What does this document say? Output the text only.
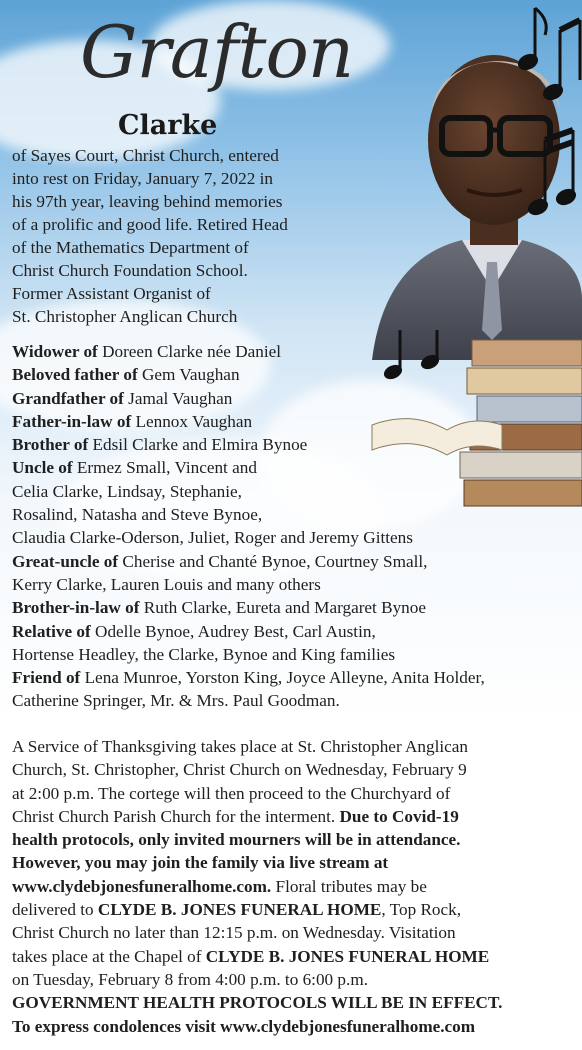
Grafton
Clarke
of Sayes Court, Christ Church, entered
into rest on Friday, January 7, 2022 in
his 97th year, leaving behind memories
of a prolific and good life. Retired Head
of the Mathematics Department of
Christ Church Foundation School.
Former Assistant Organist of
St. Christopher Anglican Church
Widower of Doreen Clarke née Daniel
Beloved father of Gem Vaughan
Grandfather of Jamal Vaughan
Father-in-law of Lennox Vaughan
Brother of Edsil Clarke and Elmira Bynoe
Uncle of Ermez Small, Vincent and
Celia Clarke, Lindsay, Stephanie,
Rosalind, Natasha and Steve Bynoe,
Claudia Clarke-Oderson, Juliet, Roger and Jeremy Gittens
Great-uncle of Cherise and Chanté Bynoe, Courtney Small,
Kerry Clarke, Lauren Louis and many others
Brother-in-law of Ruth Clarke, Eureta and Margaret Bynoe
Relative of Odelle Bynoe, Audrey Best, Carl Austin,
Hortense Headley, the Clarke, Bynoe and King families
Friend of Lena Munroe, Yorston King, Joyce Alleyne, Anita Holder,
Catherine Springer, Mr. & Mrs. Paul Goodman.
A Service of Thanksgiving takes place at St. Christopher Anglican
Church, St. Christopher, Christ Church on Wednesday, February 9
at 2:00 p.m. The cortege will then proceed to the Churchyard of
Christ Church Parish Church for the interment. Due to Covid-19
health protocols, only invited mourners will be in attendance.
However, you may join the family via live stream at
www.clydebjonesfuneralhome.com. Floral tributes may be
delivered to CLYDE B. JONES FUNERAL HOME, Top Rock,
Christ Church no later than 12:15 p.m. on Wednesday. Visitation
takes place at the Chapel of CLYDE B. JONES FUNERAL HOME
on Tuesday, February 8 from 4:00 p.m. to 6:00 p.m.
GOVERNMENT HEALTH PROTOCOLS WILL BE IN EFFECT.
To express condolences visit www.clydebjonesfuneralhome.com
